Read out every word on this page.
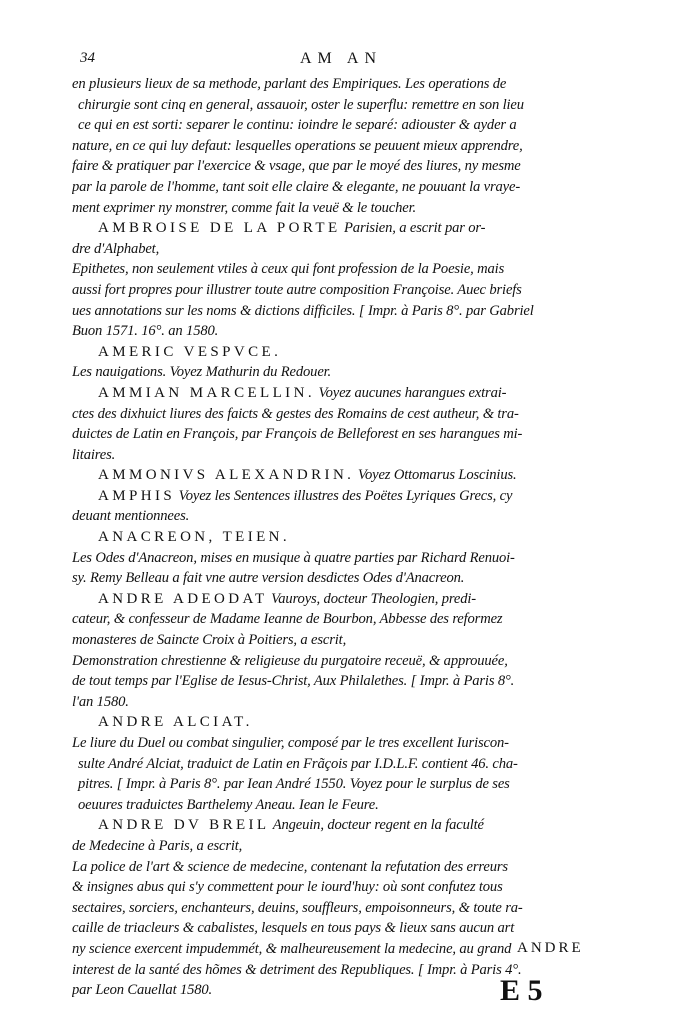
34	AM AN
en plusieurs lieux de sa methode, parlant des Empiriques. Les operations de
chirurgie sont cinq en general, assauoir, oster le superflu: remettre en son lieu
ce qui en est sorti: separer le continu: ioindre le separé: adiouster & ayder a
nature, en ce qui luy defaut: lesquelles operations se peuuent mieux apprendre,
faire & pratiquer par l'exercice & vsage, que par le moyé des liures, ny mesme
par la parole de l'homme, tant soit elle claire & elegante, ne pouuant la vraye-
ment exprimer ny monstrer, comme fait la veuë & le toucher.
AMBROISE DE LA PORTE Parisien, a escrit par or-
dre d'Alphabet,
Epithetes, non seulement vtiles à ceux qui font profession de la Poesie, mais
aussi fort propres pour illustrer toute autre composition Françoise. Auec briefs
ues annotations sur les noms & dictions difficiles. [ Impr. à Paris 8°. par Gabriel
Buon 1571. 16°. an 1580.
AMERIC VESPVCE.
Les nauigations. Voyez Mathurin du Redouer.
AMMIAN MARCELLIN. Voyez aucunes harangues extrai-
ctes des dixhuict liures des faicts & gestes des Romains de cest autheur, & tra-
duictes de Latin en François, par François de Belleforest en ses harangues mi-
litaires.
AMMONIVS ALEXANDRIN. Voyez Ottomarus Loscinius.
AMPHIS Voyez les Sentences illustres des Poëtes Lyriques Grecs, cy
deuant mentionnees.
ANACREON, TEIEN.
Les Odes d'Anacreon, mises en musique à quatre parties par Richard Renuoi-
sy. Remy Belleau a fait vne autre version desdictes Odes d'Anacreon.
ANDRE ADEODAT Vauroys, docteur Theologien, predi-
cateur, & confesseur de Madame Ieanne de Bourbon, Abbesse des reformez
monasteres de Saincte Croix à Poitiers, a escrit,
Demonstration chrestienne & religieuse du purgatoire receuë, & approuuée,
de tout temps par l'Eglise de Iesus-Christ, Aux Philalethes. [ Impr. à Paris 8°.
l'an 1580.
ANDRE ALCIAT.
Le liure du Duel ou combat singulier, composé par le tres excellent Iuriscon-
sulte André Alciat, traduict de Latin en Frãçois par I.D.L.F. contient 46. cha-
pitres. [ Impr. à Paris 8°. par Iean André 1550. Voyez pour le surplus de ses
oeuures traduictes Barthelemy Aneau. Iean le Feure.
ANDRE DV BREIL Angeuin, docteur regent en la faculté
de Medecine à Paris, a escrit,
La police de l'art & science de medecine, contenant la refutation des erreurs
& insignes abus qui s'y commettent pour le iourd'huy: où sont confutez tous
sectaires, sorciers, enchanteurs, deuins, souffleurs, empoisonneurs, & toute ra-
caille de triacleurs & cabalistes, lesquels en tous pays & lieux sans aucun art
ny science exercent impudemmét, & malheureusement la medecine, au grand
interest de la santé des hõmes & detriment des Republiques. [ Impr. à Paris 4°.
par Leon Cauellat 1580.
ANDRE
E 5
